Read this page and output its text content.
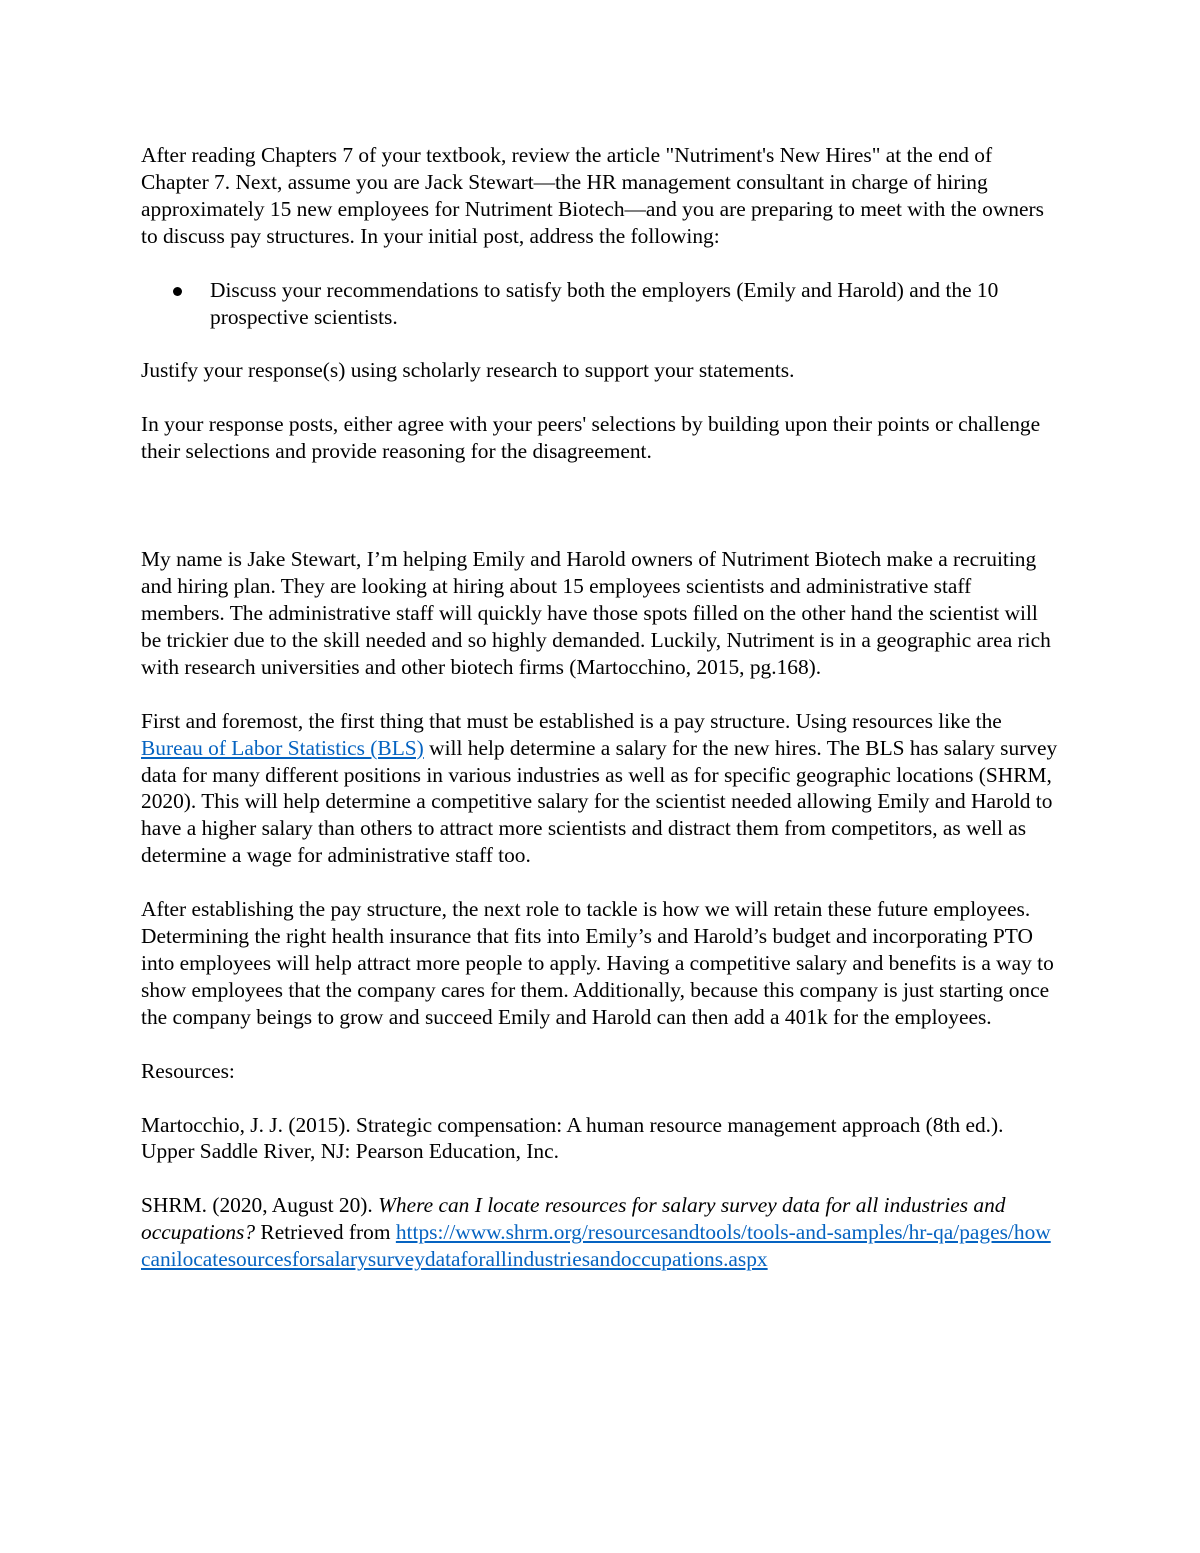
After reading Chapters 7 of your textbook, review the article "Nutriment's New Hires" at the end of Chapter 7. Next, assume you are Jack Stewart—the HR management consultant in charge of hiring approximately 15 new employees for Nutriment Biotech—and you are preparing to meet with the owners to discuss pay structures. In your initial post, address the following:

Discuss your recommendations to satisfy both the employers (Emily and Harold) and the 10 prospective scientists.

Justify your response(s) using scholarly research to support your statements.

In your response posts, either agree with your peers' selections by building upon their points or challenge their selections and provide reasoning for the disagreement.

My name is Jake Stewart, I’m helping Emily and Harold owners of Nutriment Biotech make a recruiting and hiring plan. They are looking at hiring about 15 employees scientists and administrative staff members. The administrative staff will quickly have those spots filled on the other hand the scientist will be trickier due to the skill needed and so highly demanded. Luckily, Nutriment is in a geographic area rich with research universities and other biotech firms (Martocchino, 2015, pg.168).

First and foremost, the first thing that must be established is a pay structure. Using resources like the Bureau of Labor Statistics (BLS) will help determine a salary for the new hires. The BLS has salary survey data for many different positions in various industries as well as for specific geographic locations (SHRM, 2020). This will help determine a competitive salary for the scientist needed allowing Emily and Harold to have a higher salary than others to attract more scientists and distract them from competitors, as well as determine a wage for administrative staff too.

After establishing the pay structure, the next role to tackle is how we will retain these future employees. Determining the right health insurance that fits into Emily’s and Harold’s budget and incorporating PTO into employees will help attract more people to apply. Having a competitive salary and benefits is a way to show employees that the company cares for them. Additionally, because this company is just starting once the company beings to grow and succeed Emily and Harold can then add a 401k for the employees.

Resources:

Martocchio, J. J. (2015). Strategic compensation: A human resource management approach (8th ed.). Upper Saddle River, NJ: Pearson Education, Inc.

SHRM. (2020, August 20). Where can I locate resources for salary survey data for all industries and occupations? Retrieved from https://www.shrm.org/resourcesandtools/tools-and-samples/hr-qa/pages/howcanilocatesourcesforsalarysurveydataforallindustriesandoccupations.aspx
